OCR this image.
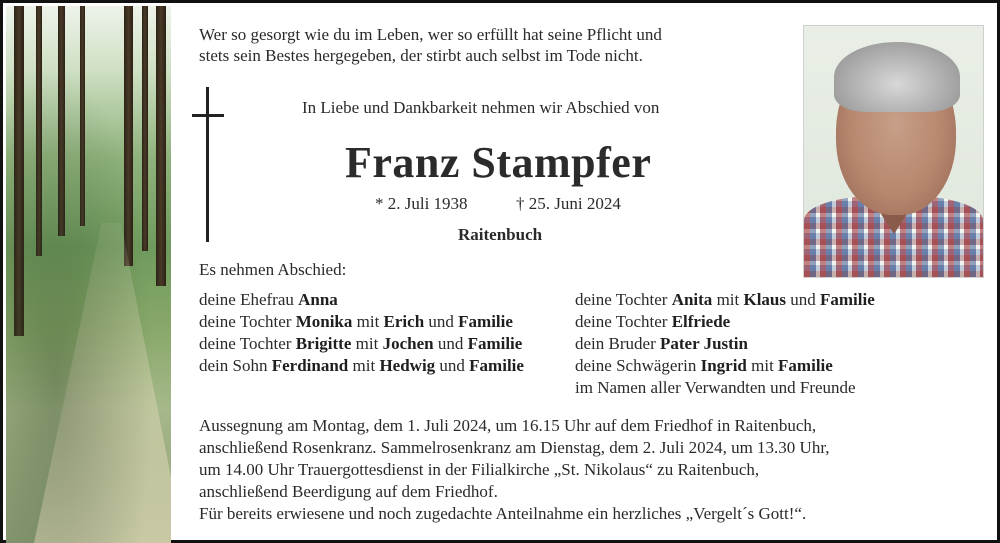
Wer so gesorgt wie du im Leben, wer so erfüllt hat seine Pflicht und
stets sein Bestes hergegeben, der stirbt auch selbst im Tode nicht.
In Liebe und Dankbarkeit nehmen wir Abschied von
Franz Stampfer
* 2. Juli 1938	† 25. Juni 2024
Raitenbuch
Es nehmen Abschied:
deine Ehefrau Anna
deine Tochter Monika mit Erich und Familie
deine Tochter Brigitte mit Jochen und Familie
dein Sohn Ferdinand mit Hedwig und Familie
deine Tochter Anita mit Klaus und Familie
deine Tochter Elfriede
dein Bruder Pater Justin
deine Schwägerin Ingrid mit Familie
im Namen aller Verwandten und Freunde
Aussegnung am Montag, dem 1. Juli 2024, um 16.15 Uhr auf dem Friedhof in Raitenbuch,
anschließend Rosenkranz. Sammelrosenkranz am Dienstag, dem 2. Juli 2024, um 13.30 Uhr,
um 14.00 Uhr Trauergottesdienst in der Filialkirche „St. Nikolaus“ zu Raitenbuch,
anschließend Beerdigung auf dem Friedhof.
Für bereits erwiesene und noch zugedachte Anteilnahme ein herzliches „Vergelt´s Gott!“.
